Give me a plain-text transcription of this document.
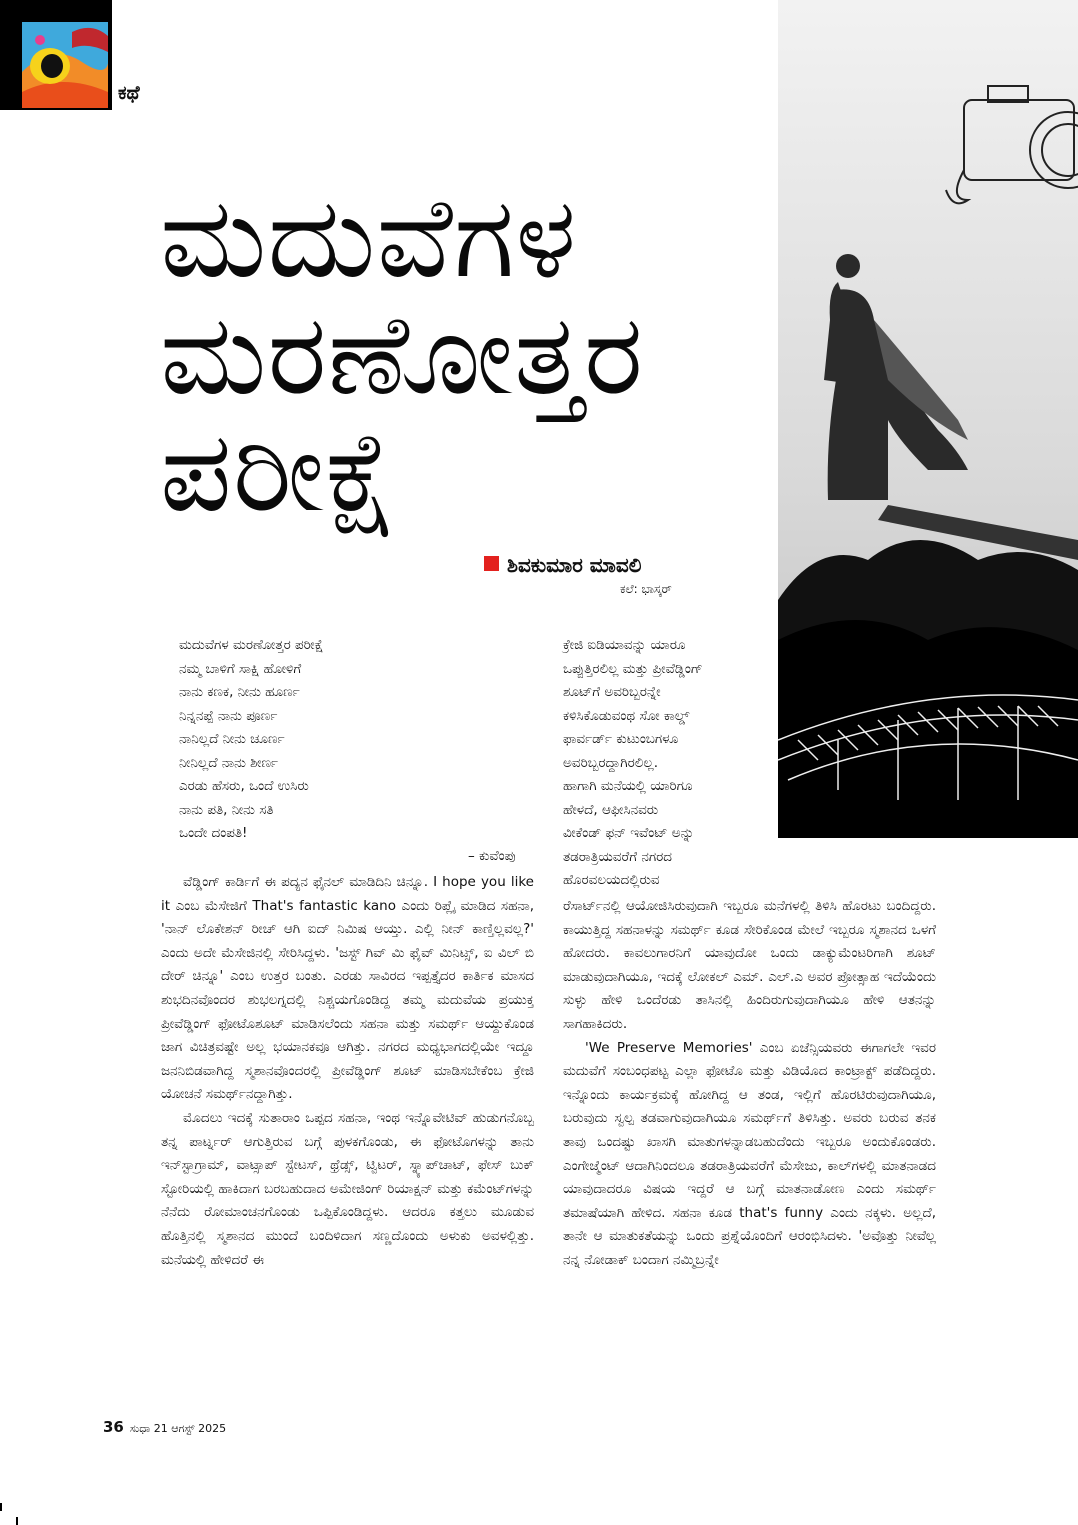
ಕಥೆ
ಮದುವೆಗಳ
ಮರಣೋತ್ತರ
ಪರೀಕ್ಷೆ
ಶಿವಕುಮಾರ ಮಾವಲಿ
ಕಲೆ: ಭಾಸ್ಕರ್
ಮದುವೆಗಳ ಮರಣೋತ್ತರ ಪರೀಕ್ಷೆ
ನಮ್ಮ ಬಾಳಿಗೆ ಸಾಕ್ಷಿ ಹೋಳಿಗೆ
ನಾನು ಕಣಕ, ನೀನು ಹೂರ್ಣ
ನಿನ್ನನಪ್ಪೆ ನಾನು ಪೂರ್ಣ
ನಾನಿಲ್ಲದೆ ನೀನು ಚೂರ್ಣ
ನೀನಿಲ್ಲದೆ ನಾನು ಶೀರ್ಣ
ಎರಡು ಹೆಸರು, ಒಂದೆ ಉಸಿರು
ನಾನು ಪತಿ, ನೀನು ಸತಿ
ಒಂದೇ ದಂಪತಿ!
– ಕುವೆಂಪು
ಕ್ರೇಜಿ ಐಡಿಯಾವನ್ನು ಯಾರೂ
ಒಪ್ಪುತ್ತಿರಲಿಲ್ಲ ಮತ್ತು ಪ್ರೀವೆಡ್ಡಿಂಗ್
ಶೂಟ್‌ಗೆ ಅವರಿಬ್ಬರನ್ನೇ
ಕಳಿಸಿಕೊಡುವಂಥ ಸೋ ಕಾಲ್ಡ್
ಫಾರ್ವರ್ಡ್ ಕುಟುಂಬಗಳೂ
ಅವರಿಬ್ಬರದ್ದಾಗಿರಲಿಲ್ಲ.
ಹಾಗಾಗಿ ಮನೆಯಲ್ಲಿ ಯಾರಿಗೂ
ಹೇಳದೆ, ಆಫೀಸಿನವರು
ವೀಕೆಂಡ್ ಫನ್ ಇವೆಂಟ್ ಅನ್ನು
ತಡರಾತ್ರಿಯವರೆಗೆ ನಗರದ
ಹೊರವಲಯದಲ್ಲಿರುವ

ವೆಡ್ಡಿಂಗ್ ಕಾರ್ಡಿಗೆ ಈ ಪದ್ಯನ ಫೈನಲ್ ಮಾಡಿದಿನಿ ಚಿನ್ನೂ. I hope you like it ಎಂಬ ಮೆಸೇಜಿಗೆ That's fantastic kano ಎಂದು ರಿಪ್ಲೈ ಮಾಡಿದ ಸಹನಾ, 'ನಾನ್ ಲೊಕೇಶನ್ ರೀಚ್ ಆಗಿ ಐದ್ ನಿಮಿಷ ಆಯ್ತು. ಎಲ್ಲಿ ನೀನ್ ಕಾಣ್ತಿಲ್ಲವಲ್ಲ?' ಎಂದು ಅದೇ ಮೆಸೇಜಿನಲ್ಲಿ ಸೇರಿಸಿದ್ದಳು. 'ಜಸ್ಟ್ ಗಿವ್ ಮಿ ಫೈವ್ ಮಿನಿಟ್ಸ್, ಐ ವಿಲ್ ಬಿ ದೇರ್ ಚಿನ್ನೂ' ಎಂಬ ಉತ್ತರ ಬಂತು. ಎರಡು ಸಾವಿರದ ಇಪ್ಪತ್ತೈದರ ಕಾರ್ತಿಕ ಮಾಸದ ಶುಭದಿನವೊಂದರ ಶುಭಲಗ್ನದಲ್ಲಿ ನಿಶ್ಚಯಗೊಂಡಿದ್ದ ತಮ್ಮ ಮದುವೆಯ ಪ್ರಯುಕ್ತ ಪ್ರೀವೆಡ್ಡಿಂಗ್ ಫೋಟೊಶೂಟ್ ಮಾಡಿಸಲೆಂದು ಸಹನಾ ಮತ್ತು ಸಮರ್ಥ್ ಆಯ್ದುಕೊಂಡ ಜಾಗ ವಿಚಿತ್ರವಷ್ಟೇ ಅಲ್ಲ ಭಯಾನಕವೂ ಆಗಿತ್ತು. ನಗರದ ಮಧ್ಯಭಾಗದಲ್ಲಿಯೇ ಇದ್ದೂ ಜನನಿಬಿಡವಾಗಿದ್ದ ಸ್ಮಶಾನವೊಂದರಲ್ಲಿ ಪ್ರೀವೆಡ್ಡಿಂಗ್ ಶೂಟ್ ಮಾಡಿಸಬೇಕೆಂಬ ಕ್ರೇಜಿ ಯೋಚನೆ ಸಮರ್ಥ್‌ನದ್ದಾಗಿತ್ತು.

ಮೊದಲು ಇದಕ್ಕೆ ಸುತಾರಾಂ ಒಪ್ಪದ ಸಹನಾ, ಇಂಥ ಇನ್ನೊವೇಟಿವ್ ಹುಡುಗನೊಬ್ಬ ತನ್ನ ಪಾರ್ಟ್ನರ್ ಆಗುತ್ತಿರುವ ಬಗ್ಗೆ ಪುಳಕಗೊಂಡು, ಈ ಫೋಟೊಗಳನ್ನು ತಾನು ಇನ್‌ಸ್ಟಾಗ್ರಾಮ್, ವಾಟ್ಸಾಪ್ ಸ್ಟೇಟಸ್, ಥ್ರೆಡ್ಸ್, ಟ್ವಿಟರ್, ಸ್ನ್ಯಾಪ್‌ಚಾಟ್, ಫೇಸ್ ಬುಕ್ ಸ್ಟೋರಿಯಲ್ಲಿ ಹಾಕಿದಾಗ ಬರಬಹುದಾದ ಅಮೇಜಿಂಗ್ ರಿಯಾಕ್ಷನ್ ಮತ್ತು ಕಮೆಂಟ್‌ಗಳನ್ನು ನೆನೆದು ರೋಮಾಂಚನಗೊಂಡು ಒಪ್ಪಿಕೊಂಡಿದ್ದಳು. ಆದರೂ ಕತ್ತಲು ಮೂಡುವ ಹೊತ್ತಿನಲ್ಲಿ ಸ್ಮಶಾನದ ಮುಂದೆ ಬಂದಿಳಿದಾಗ ಸಣ್ಣದೊಂದು ಅಳುಕು ಅವಳಲ್ಲಿತ್ತು. ಮನೆಯಲ್ಲಿ ಹೇಳಿದರೆ ಈ

ರೆಸಾರ್ಟ್‌ನಲ್ಲಿ ಆಯೋಜಿಸಿರುವುದಾಗಿ ಇಬ್ಬರೂ ಮನೆಗಳಲ್ಲಿ ತಿಳಿಸಿ ಹೊರಟು ಬಂದಿದ್ದರು. ಕಾಯುತ್ತಿದ್ದ ಸಹನಾಳನ್ನು ಸಮರ್ಥ್ ಕೂಡ ಸೇರಿಕೊಂಡ ಮೇಲೆ ಇಬ್ಬರೂ ಸ್ಮಶಾನದ ಒಳಗೆ ಹೋದರು. ಕಾವಲುಗಾರನಿಗೆ ಯಾವುದೋ ಒಂದು ಡಾಕ್ಯುಮೆಂಟರಿಗಾಗಿ ಶೂಟ್ ಮಾಡುವುದಾಗಿಯೂ, ಇದಕ್ಕೆ ಲೋಕಲ್ ಎಮ್. ಎಲ್.ಎ ಅವರ ಪ್ರೋತ್ಸಾಹ ಇದೆಯೆಂದು ಸುಳ್ಳು ಹೇಳಿ ಒಂದೆರಡು ತಾಸಿನಲ್ಲಿ ಹಿಂದಿರುಗುವುದಾಗಿಯೂ ಹೇಳಿ ಆತನನ್ನು ಸಾಗಹಾಕಿದರು.

'We Preserve Memories' ಎಂಬ ಏಜೆನ್ಸಿಯವರು ಈಗಾಗಲೇ ಇವರ ಮದುವೆಗೆ ಸಂಬಂಧಪಟ್ಟ ಎಲ್ಲಾ ಫೋಟೊ ಮತ್ತು ವಿಡಿಯೊದ ಕಾಂಟ್ರಾಕ್ಟ್ ಪಡೆದಿದ್ದರು. ಇನ್ನೊಂದು ಕಾರ್ಯಕ್ರಮಕ್ಕೆ ಹೋಗಿದ್ದ ಆ ತಂಡ, ಇಲ್ಲಿಗೆ ಹೊರಟಿರುವುದಾಗಿಯೂ, ಬರುವುದು ಸ್ವಲ್ಪ ತಡವಾಗುವುದಾಗಿಯೂ ಸಮರ್ಥ್‌ಗೆ ತಿಳಿಸಿತ್ತು. ಅವರು ಬರುವ ತನಕ ತಾವು ಒಂದಷ್ಟು ಖಾಸಗಿ ಮಾತುಗಳನ್ನಾಡಬಹುದೆಂದು ಇಬ್ಬರೂ ಅಂದುಕೊಂಡರು. ಎಂಗೇಜ್ಮೆಂಟ್ ಆದಾಗಿನಿಂದಲೂ ತಡರಾತ್ರಿಯವರೆಗೆ ಮೆಸೇಜು, ಕಾಲ್‌ಗಳಲ್ಲಿ ಮಾತನಾಡದ ಯಾವುದಾದರೂ ವಿಷಯ ಇದ್ದರೆ ಆ ಬಗ್ಗೆ ಮಾತನಾಡೋಣ ಎಂದು ಸಮರ್ಥ್ ತಮಾಷೆಯಾಗಿ ಹೇಳಿದ. ಸಹನಾ ಕೂಡ that's funny ಎಂದು ನಕ್ಕಳು. ಅಲ್ಲದೆ, ತಾನೇ ಆ ಮಾತುಕತೆಯನ್ನು ಒಂದು ಪ್ರಶ್ನೆಯೊಂದಿಗೆ ಆರಂಭಿಸಿದಳು. 'ಅವೊತ್ತು ನೀವೆಲ್ಲ ನನ್ನ ನೋಡಾಕ್ ಬಂದಾಗ ನಮ್ಮಿಬ್ರನ್ನೇ

36 ಸುಧಾ 21 ಆಗಸ್ಟ್ 2025
